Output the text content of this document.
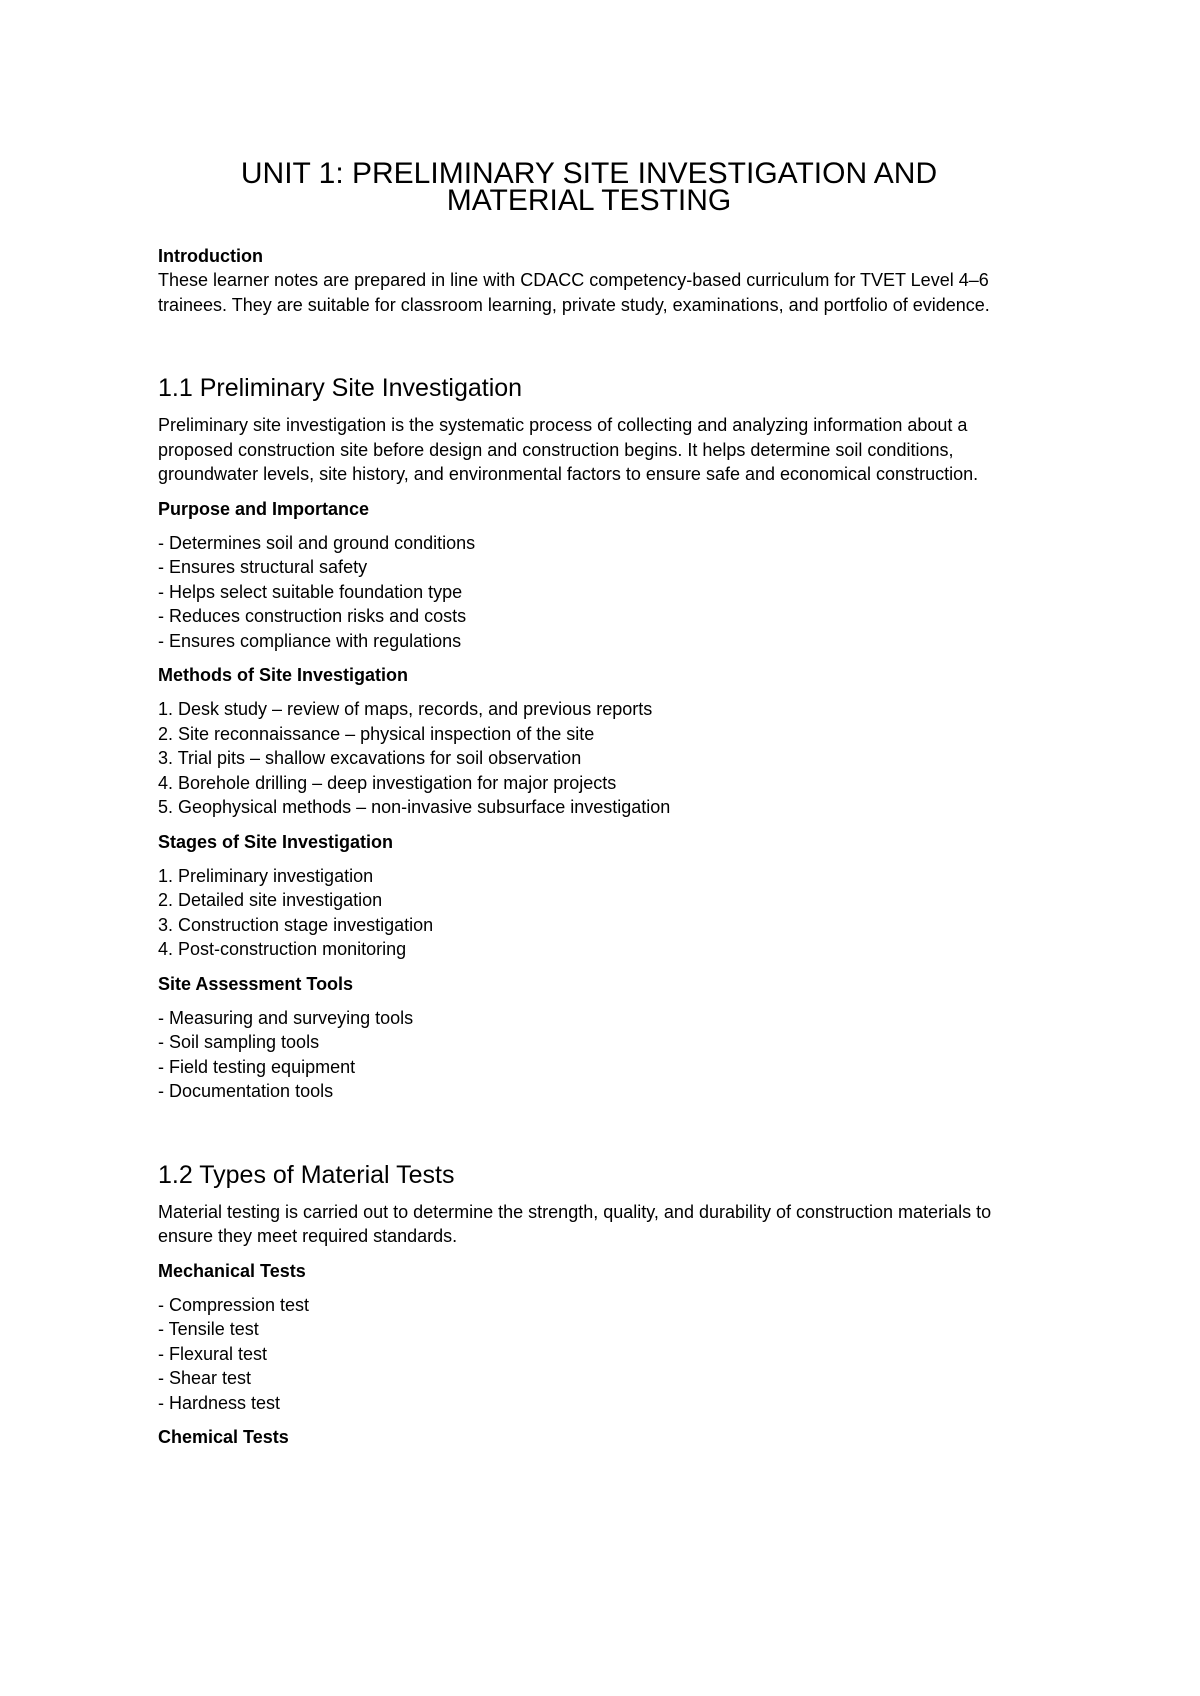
UNIT 1: PRELIMINARY SITE INVESTIGATION AND
MATERIAL TESTING
Introduction

These learner notes are prepared in line with CDACC competency-based curriculum for TVET Level 4–6 trainees. They are suitable for classroom learning, private study, examinations, and portfolio of evidence.

1.1 Preliminary Site Investigation

Preliminary site investigation is the systematic process of collecting and analyzing information about a proposed construction site before design and construction begins. It helps determine soil conditions, groundwater levels, site history, and environmental factors to ensure safe and economical construction.

Purpose and Importance
- Determines soil and ground conditions
- Ensures structural safety
- Helps select suitable foundation type
- Reduces construction risks and costs
- Ensures compliance with regulations
Methods of Site Investigation
1. Desk study – review of maps, records, and previous reports
2. Site reconnaissance – physical inspection of the site
3. Trial pits – shallow excavations for soil observation
4. Borehole drilling – deep investigation for major projects
5. Geophysical methods – non-invasive subsurface investigation
Stages of Site Investigation
1. Preliminary investigation
2. Detailed site investigation
3. Construction stage investigation
4. Post-construction monitoring
Site Assessment Tools
- Measuring and surveying tools
- Soil sampling tools
- Field testing equipment
- Documentation tools
1.2 Types of Material Tests

Material testing is carried out to determine the strength, quality, and durability of construction materials to ensure they meet required standards.

Mechanical Tests
- Compression test
- Tensile test
- Flexural test
- Shear test
- Hardness test
Chemical Tests
